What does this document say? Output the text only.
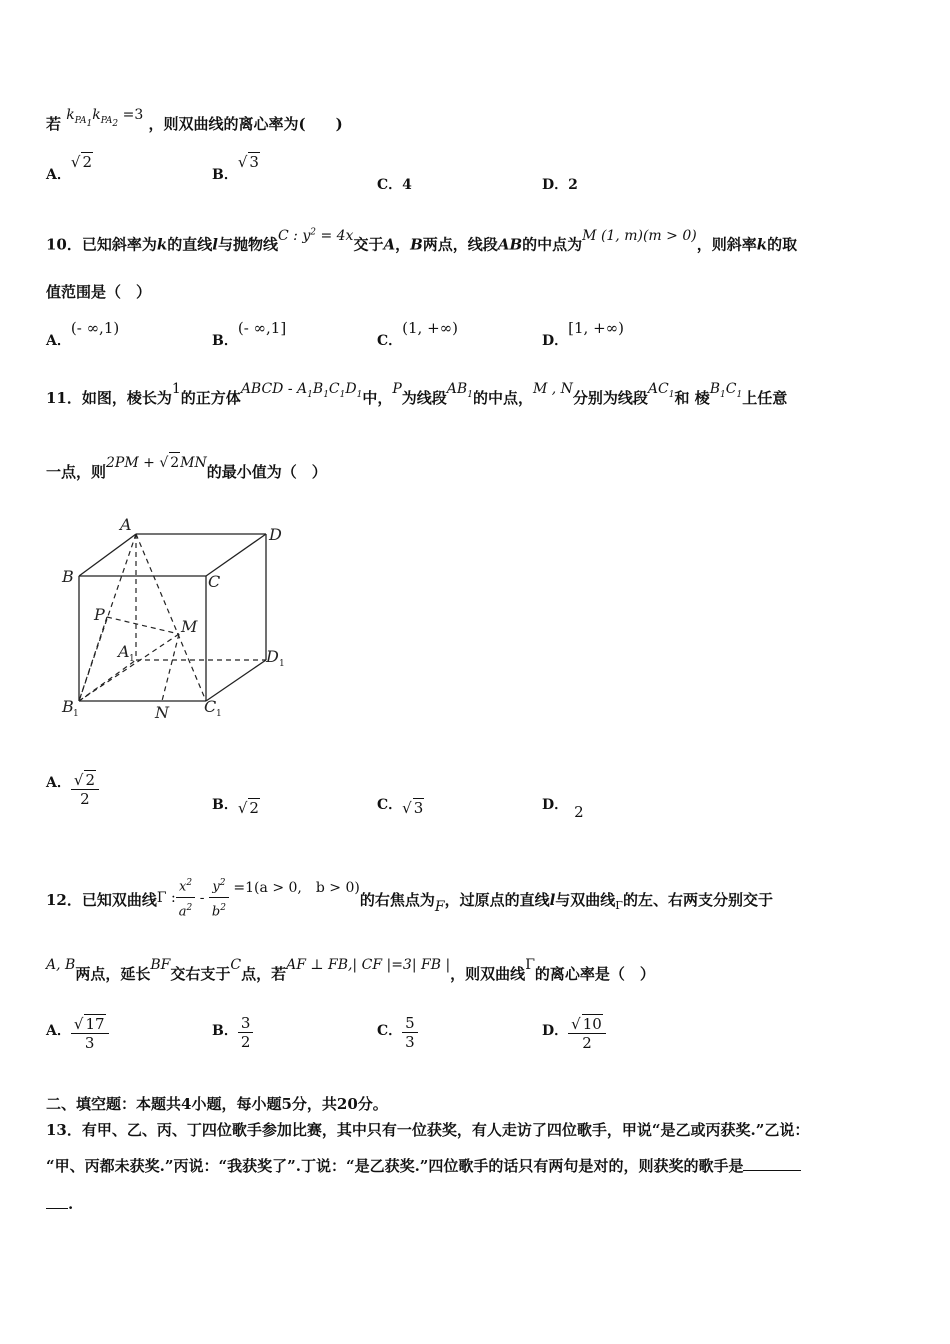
若 $k_{PA_1}k_{PA_2} =3$ ，则双曲线的离心率为(　　)
A．√ 2
B．√ 3
C．4	D．2
10．已知斜率为k的直线l与抛物线C : $y^2 = 4x$交于A，B两点，线段AB的中点为M (1, m)(m > 0)，则斜率k的取
值范围是（　）
A．(- ∞,1)
B．(- ∞,1]
C．(1, +∞)
D．[1, +∞)
11．如图，棱长为1的正方体ABCD - $A_1B_1C_1D_1$中，P为线段$AB_1$的中点，M , N分别为线段$AC_1$和 棱$B_1C_1$上任意
一点，则2PM + √ 2MN的最小值为（　）
A
D
B	C
P
M
A 1	D 1
B 1	N C 1
A． $\frac{√ 2}{2}$	B．√ 2	C．√ 3	D． 2
12．已知双曲线Γ : $\frac{x^2}{a^2} - \frac{y^2}{b^2} =1(a > 0$,　b > 0)的右焦点为F，过原点的直线l与双曲线$_\Gamma$的左、右两支分别交于
A, B两点，延长BF交右支于C点，若AF ⊥ FB,| CF |=3| FB |，则双曲线Γ的离心率是（　）
A． $\frac{√ 17}{3}$	B． $\frac{3}{2}$	C． $\frac{5}{3}$	D． $\frac{√ 10}{2}$
二、填空题：本题共4小题，每小题5分，共20分。
13．有甲、乙、丙、丁四位歌手参加比赛，其中只有一位获奖，有人走访了四位歌手，甲说“是乙或丙获奖.”乙说：
“甲、丙都未获奖.”丙说：“我获奖了”.丁说：“是乙获奖.”四位歌手的话只有两句是对的，则获奖的歌手是
.
